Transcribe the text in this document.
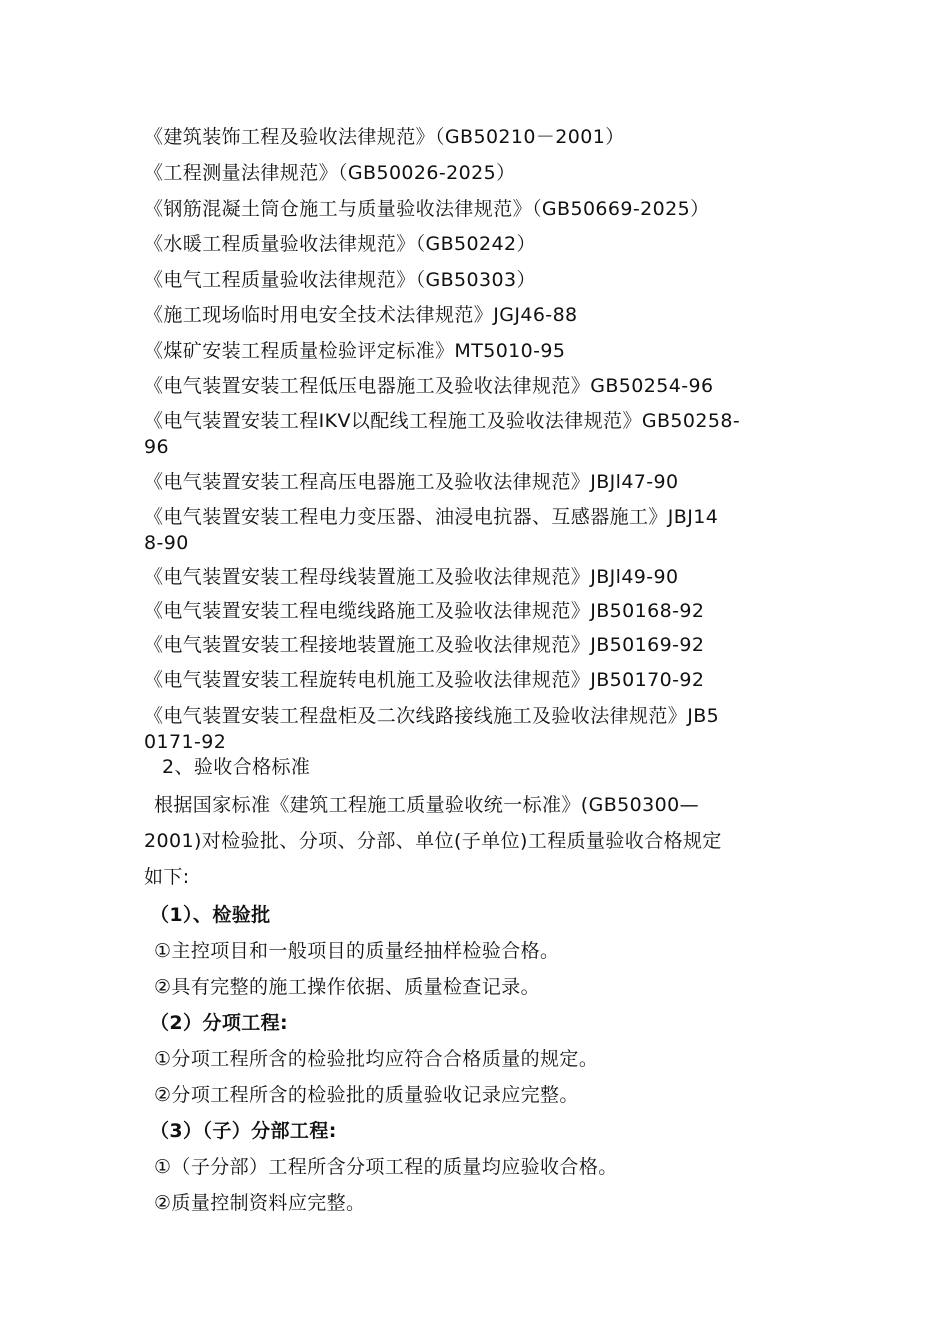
《建筑装饰工程及验收法律规范》（GB50210－2001）
《工程测量法律规范》（GB50026-2025）
《钢筋混凝土筒仓施工与质量验收法律规范》（GB50669-2025）
《水暖工程质量验收法律规范》（GB50242）
《电气工程质量验收法律规范》（GB50303）
《施工现场临时用电安全技术法律规范》JGJ46-88
《煤矿安装工程质量检验评定标准》MT5010-95
《电气装置安装工程低压电器施工及验收法律规范》GB50254-96
《电气装置安装工程IKV以配线工程施工及验收法律规范》GB50258-
96
《电气装置安装工程高压电器施工及验收法律规范》JBJl47-90
《电气装置安装工程电力变压器、油浸电抗器、互感器施工》JBJ14
8-90
《电气装置安装工程母线装置施工及验收法律规范》JBJl49-90
《电气装置安装工程电缆线路施工及验收法律规范》JB50168-92
《电气装置安装工程接地装置施工及验收法律规范》JB50169-92
《电气装置安装工程旋转电机施工及验收法律规范》JB50170-92
《电气装置安装工程盘柜及二次线路接线施工及验收法律规范》JB5
0171-92
2、验收合格标准
根据国家标准《建筑工程施工质量验收统一标准》(GB50300—
2001)对检验批、分项、分部、单位(子单位)工程质量验收合格规定
如下:
（1）、检验批
①主控项目和一般项目的质量经抽样检验合格。
②具有完整的施工操作依据、质量检查记录。
（2）分项工程:
①分项工程所含的检验批均应符合合格质量的规定。
②分项工程所含的检验批的质量验收记录应完整。
（3）（子）分部工程:
①（子分部）工程所含分项工程的质量均应验收合格。
②质量控制资料应完整。
